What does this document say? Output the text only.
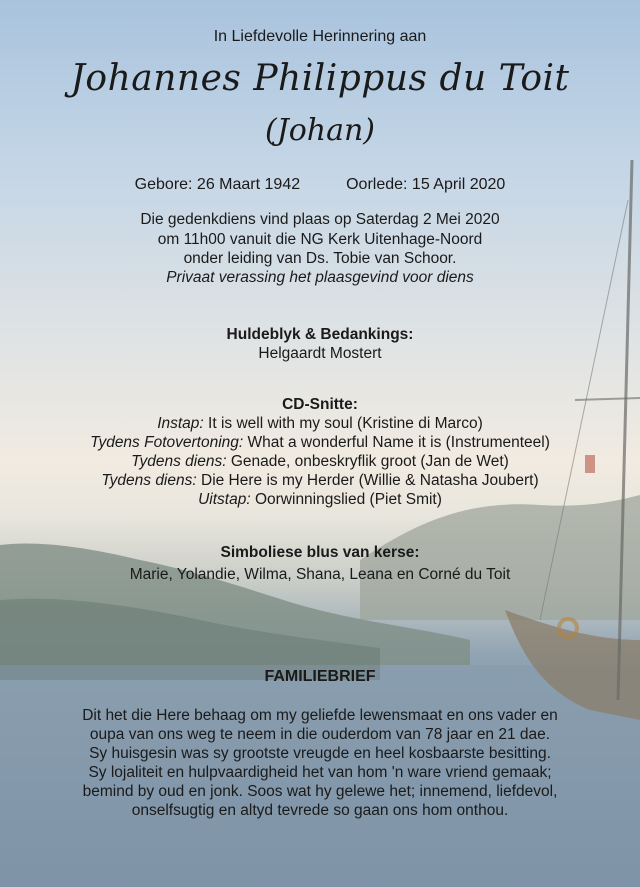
In Liefdevolle Herinnering aan
Johannes Philippus du Toit
(Johan)
Gebore: 26 Maart 1942	Oorlede: 15 April 2020
Die gedenkdiens vind plaas op Saterdag 2 Mei 2020
om 11h00 vanuit die NG Kerk Uitenhage-Noord
onder leiding van Ds. Tobie van Schoor.
Privaat verassing het plaasgevind voor diens
Huldeblyk & Bedankings:
Helgaardt Mostert
CD-Snitte:
Instap: It is well with my soul (Kristine di Marco)
Tydens Fotovertoning: What a wonderful Name it is (Instrumenteel)
Tydens diens: Genade, onbeskryflik groot (Jan de Wet)
Tydens diens: Die Here is my Herder (Willie & Natasha Joubert)
Uitstap: Oorwinningslied (Piet Smit)
Simboliese blus van kerse:
Marie, Yolandie, Wilma, Shana, Leana en Corné du Toit
FAMILIEBRIEF
Dit het die Here behaag om my geliefde lewensmaat en ons vader en
oupa van ons weg te neem in die ouderdom van 78 jaar en 21 dae.
Sy huisgesin was sy grootste vreugde en heel kosbaarste besitting.
Sy lojaliteit en hulpvaardigheid het van hom 'n ware vriend gemaak;
bemind by oud en jonk. Soos wat hy gelewe het; innemend, liefdevol,
onselfsugtig en altyd tevrede so gaan ons hom onthou.
